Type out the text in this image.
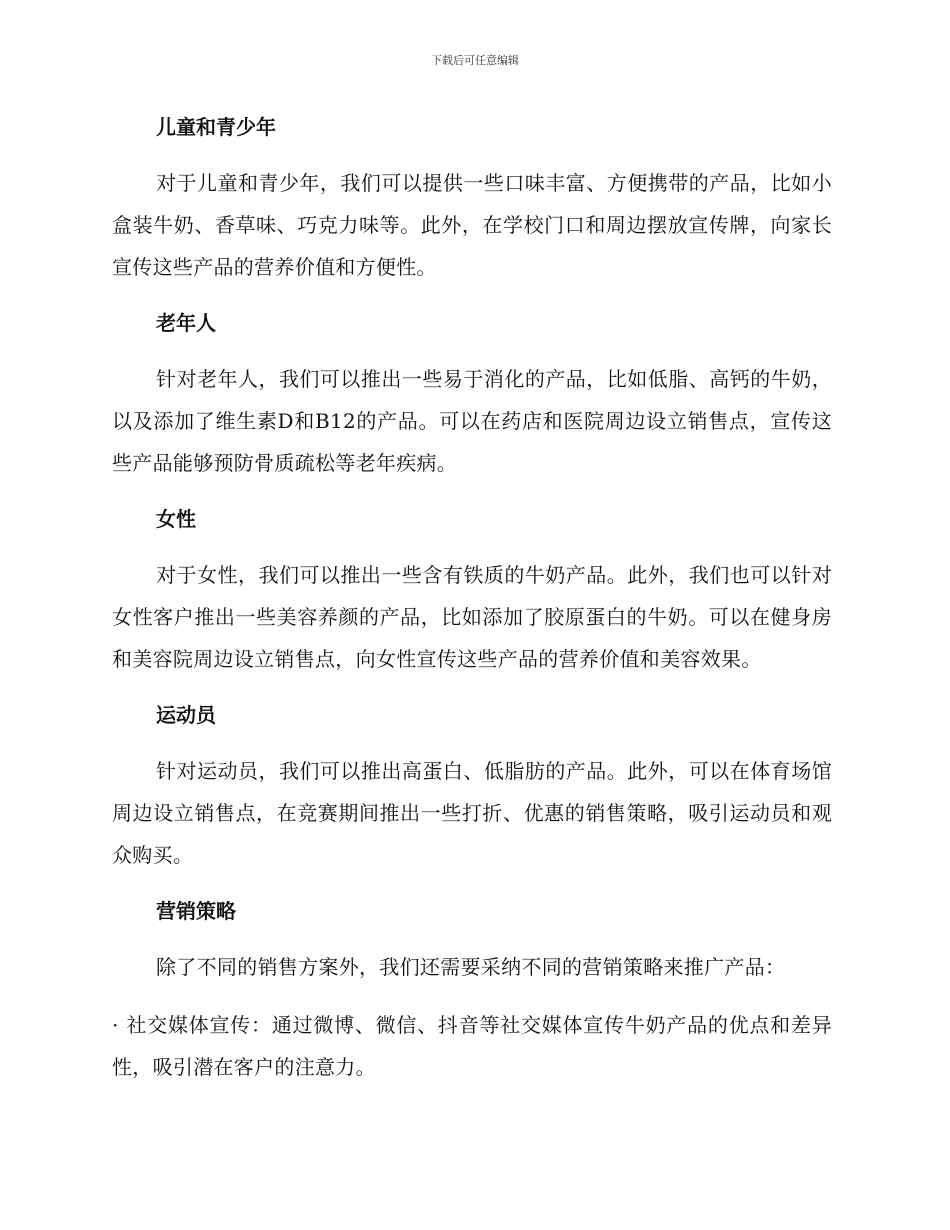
下载后可任意编辑
儿童和青少年

对于儿童和青少年，我们可以提供一些口味丰富、方便携带的产品，比如小盒装牛奶、香草味、巧克力味等。此外，在学校门口和周边摆放宣传牌，向家长宣传这些产品的营养价值和方便性。

老年人

针对老年人，我们可以推出一些易于消化的产品，比如低脂、高钙的牛奶，以及添加了维生素D和B12的产品。可以在药店和医院周边设立销售点，宣传这些产品能够预防骨质疏松等老年疾病。

女性

对于女性，我们可以推出一些含有铁质的牛奶产品。此外，我们也可以针对女性客户推出一些美容养颜的产品，比如添加了胶原蛋白的牛奶。可以在健身房和美容院周边设立销售点，向女性宣传这些产品的营养价值和美容效果。

运动员

针对运动员，我们可以推出高蛋白、低脂肪的产品。此外，可以在体育场馆周边设立销售点，在竞赛期间推出一些打折、优惠的销售策略，吸引运动员和观众购买。

营销策略

除了不同的销售方案外，我们还需要采纳不同的营销策略来推广产品：

· 社交媒体宣传：通过微博、微信、抖音等社交媒体宣传牛奶产品的优点和差异性，吸引潜在客户的注意力。
